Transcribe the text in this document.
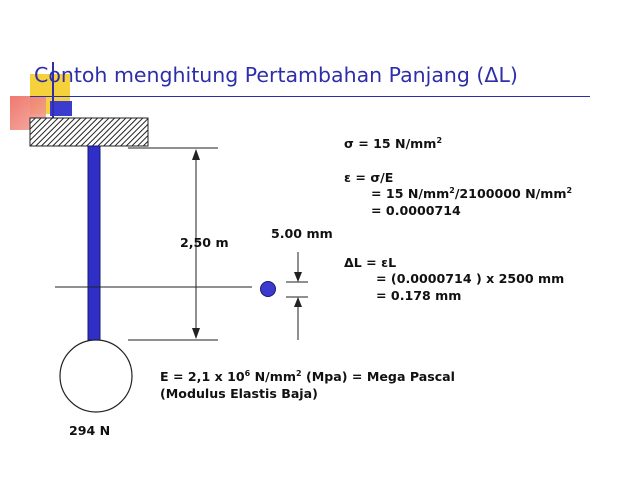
Contoh menghitung Pertambahan Panjang (ΔL)
2,50 m
5.00 mm
294 N
σ = 15 $N/mm^2$
ε = σ/E
= 15 $N/mm^2/2100000$ $N/mm^2$
= 0.0000714
ΔL = εL
= (0.0000714 ) x 2500 mm
= 0.178 mm
E = 2,1 x $10^6$ $N/mm^2$ (Mpa) = Mega Pascal
(Modulus Elastis Baja)
